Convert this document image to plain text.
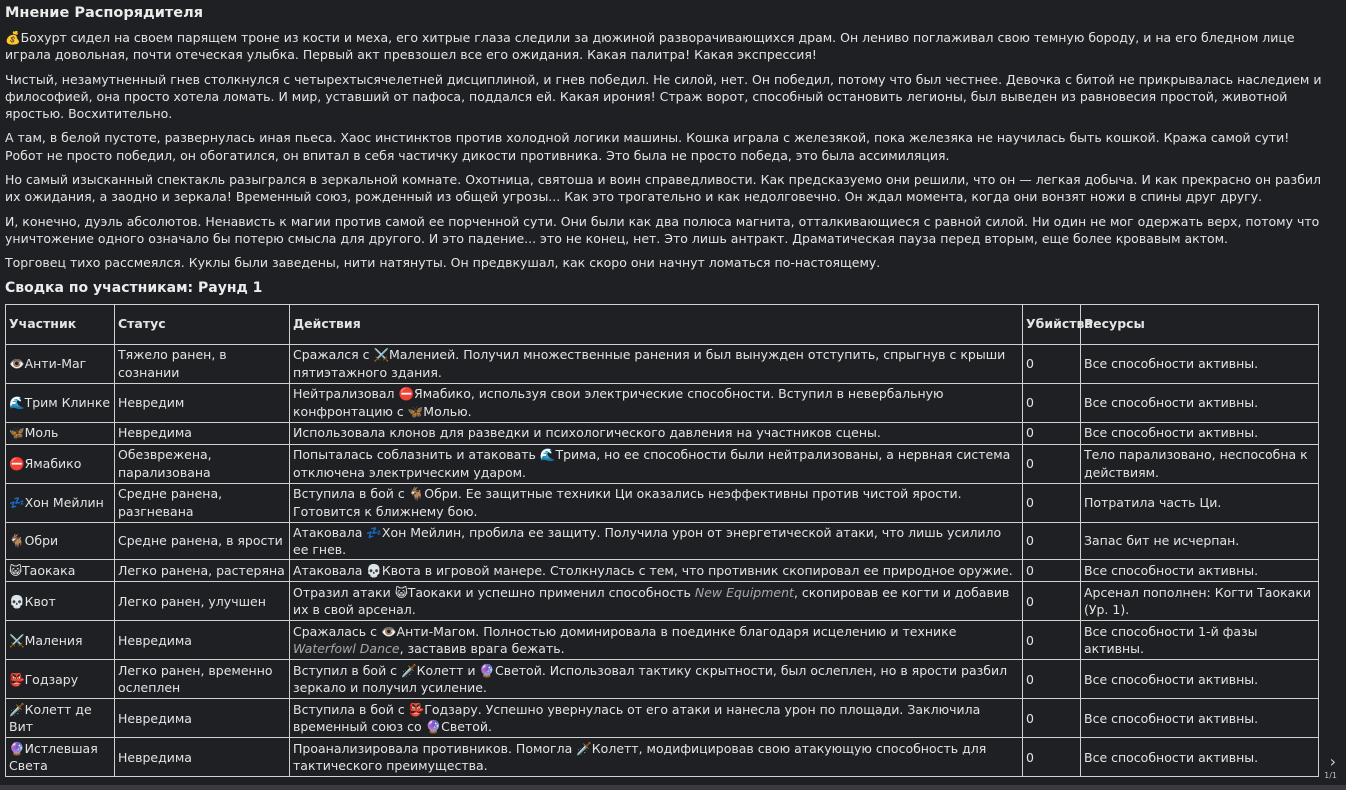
Мнение Распорядителя

💰Бохурт сидел на своем парящем троне из кости и меха, его хитрые глаза следили за дюжиной разворачивающихся драм. Он лениво поглаживал свою темную бороду, и на его бледном лице играла довольная, почти отеческая улыбка. Первый акт превзошел все его ожидания. Какая палитра! Какая экспрессия!

Чистый, незамутненный гнев столкнулся с четырехтысячелетней дисциплиной, и гнев победил. Не силой, нет. Он победил, потому что был честнее. Девочка с битой не прикрывалась наследием и философией, она просто хотела ломать. И мир, уставший от пафоса, поддался ей. Какая ирония! Страж ворот, способный остановить легионы, был выведен из равновесия простой, животной яростью. Восхитительно.

А там, в белой пустоте, развернулась иная пьеса. Хаос инстинктов против холодной логики машины. Кошка играла с железякой, пока железяка не научилась быть кошкой. Кража самой сути! Робот не просто победил, он обогатился, он впитал в себя частичку дикости противника. Это была не просто победа, это была ассимиляция.

Но самый изысканный спектакль разыгрался в зеркальной комнате. Охотница, святоша и воин справедливости. Как предсказуемо они решили, что он — легкая добыча. И как прекрасно он разбил их ожидания, а заодно и зеркала! Временный союз, рожденный из общей угрозы... Как это трогательно и как недолговечно. Он ждал момента, когда они вонзят ножи в спины друг другу.

И, конечно, дуэль абсолютов. Ненависть к магии против самой ее порченной сути. Они были как два полюса магнита, отталкивающиеся с равной силой. Ни один не мог одержать верх, потому что уничтожение одного означало бы потерю смысла для другого. И это падение... это не конец, нет. Это лишь антракт. Драматическая пауза перед вторым, еще более кровавым актом.

Торговец тихо рассмеялся. Куклы были заведены, нити натянуты. Он предвкушал, как скоро они начнут ломаться по-настоящему.

Сводка по участникам: Раунд 1
Участник	Статус	Действия	Убийства	Ресурсы
👁️Анти-Маг	Тяжело ранен, в сознании	Сражался с ⚔️Маленией. Получил множественные ранения и был вынужден отступить, спрыгнув с крыши пятиэтажного здания.	0	Все способности активны.
🌊Трим Клинке	Невредим	Нейтрализовал ⛔Ямабико, используя свои электрические способности. Вступил в невербальную конфронтацию с 🦋Молью.	0	Все способности активны.
🦋Моль	Невредима	Использовала клонов для разведки и психологического давления на участников сцены.	0	Все способности активны.
⛔Ямабико	Обезврежена, парализована	Попыталась соблазнить и атаковать 🌊Трима, но ее способности были нейтрализованы, а нервная система отключена электрическим ударом.	0	Тело парализовано, неспособна к действиям.
💤Хон Мейлин	Средне ранена, разгневана	Вступила в бой с 🐐Обри. Ее защитные техники Ци оказались неэффективны против чистой ярости. Готовится к ближнему бою.	0	Потратила часть Ци.
🐐Обри	Средне ранена, в ярости	Атаковала 💤Хон Мейлин, пробила ее защиту. Получила урон от энергетической атаки, что лишь усилило ее гнев.	0	Запас бит не исчерпан.
😺Таокака	Легко ранена, растеряна	Атаковала 💀Квота в игровой манере. Столкнулась с тем, что противник скопировал ее природное оружие.	0	Все способности активны.
💀Квот	Легко ранен, улучшен	Отразил атаки 😺Таокаки и успешно применил способность New Equipment, скопировав ее когти и добавив их в свой арсенал.	0	Арсенал пополнен: Когти Таокаки (Ур. 1).
⚔️Малeния	Невредима	Сражалась с 👁️Анти-Магом. Полностью доминировала в поединке благодаря исцелению и технике Waterfowl Dance, заставив врага бежать.	0	Все способности 1-й фазы активны.
👺Годзару	Легко ранен, временно ослеплен	Вступил в бой с 🗡️Колетт и 🔮Светой. Использовал тактику скрытности, был ослеплен, но в ярости разбил зеркало и получил усиление.	0	Все способности активны.
🗡️Колетт де Вит	Невредима	Вступила в бой с 👺Годзару. Успешно увернулась от его атаки и нанесла урон по площади. Заключила временный союз со 🔮Светой.	0	Все способности активны.
🔮Истлевшая Света	Невредима	Проанализировала противников. Помогла 🗡️Колетт, модифицировав свою атакующую способность для тактического преимущества.	0	Все способности активны.	›
1/1
